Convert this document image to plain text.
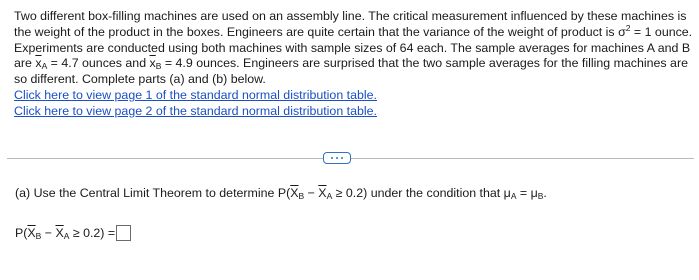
Two different box-filling machines are used on an assembly line. The critical measurement influenced by these machines is the weight of the product in the boxes. Engineers are quite certain that the variance of the weight of product is $\sigma^2 = 1$ ounce. Experiments are conducted using both machines with sample sizes of 64 each. The sample averages for machines A and B are $\overline{x}_A = 4.7$ ounces and $\overline{x}_B = 4.9$ ounces. Engineers are surprised that the two sample averages for the filling machines are so different. Complete parts (a) and (b) below.

Click here to view page 1 of the standard normal distribution table.
Click here to view page 2 of the standard normal distribution table.
(a) Use the Central Limit Theorem to determine $P(\overline{X}_B - \overline{X}_A \ge 0.2)$ under the condition that $\mu_A = \mu_B$.
$P(\overline{X}_B - \overline{X}_A \ge 0.2)$ =
